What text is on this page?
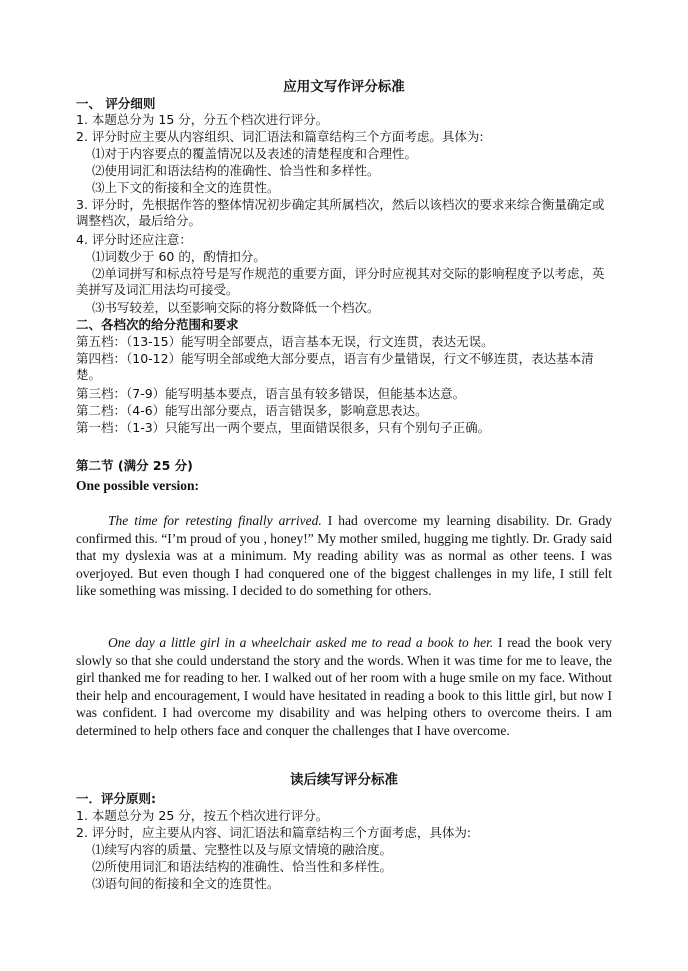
应用文写作评分标准
一、 评分细则
1. 本题总分为 15 分，分五个档次进行评分。
2. 评分时应主要从内容组织、词汇语法和篇章结构三个方面考虑。具体为:
⑴对于内容要点的覆盖情况以及表述的清楚程度和合理性。
⑵使用词汇和语法结构的准确性、恰当性和多样性。
⑶上下文的衔接和全文的连贯性。
3. 评分时，先根据作答的整体情况初步确定其所属档次，然后以该档次的要求来综合衡量确定或调整档次，最后给分。
4. 评分时还应注意：
⑴词数少于 60 的，酌情扣分。
⑵单词拼写和标点符号是写作规范的重要方面，评分时应视其对交际的影响程度予以考虑，英美拼写及词汇用法均可接受。
⑶书写较差，以至影响交际的将分数降低一个档次。
二、各档次的给分范围和要求
第五档：（13-15）能写明全部要点，语言基本无误，行文连贯，表达无误。
第四档：（10-12）能写明全部或绝大部分要点，语言有少量错误，行文不够连贯，表达基本清楚。
第三档：（7-9）能写明基本要点，语言虽有较多错误，但能基本达意。
第二档：（4-6）能写出部分要点，语言错误多，影响意思表达。
第一档：（1-3）只能写出一两个要点，里面错误很多，只有个别句子正确。
第二节 (满分 25 分)
One possible version:
The time for retesting finally arrived. I had overcome my learning disability. Dr. Grady confirmed this. “I’m proud of you , honey!” My mother smiled, hugging me tightly. Dr. Grady said that my dyslexia was at a minimum. My reading ability was as normal as other teens. I was overjoyed. But even though I had conquered one of the biggest challenges in my life, I still felt like something was missing. I decided to do something for others.
One day a little girl in a wheelchair asked me to read a book to her. I read the book very slowly so that she could understand the story and the words. When it was time for me to leave, the girl thanked me for reading to her. I walked out of her room with a huge smile on my face. Without their help and encouragement, I would have hesitated in reading a book to this little girl, but now I was confident. I had overcome my disability and was helping others to overcome theirs. I am determined to help others face and conquer the challenges that I have overcome.
读后续写评分标准
一．评分原则:
1. 本题总分为 25 分，按五个档次进行评分。
2. 评分时，应主要从内容、词汇语法和篇章结构三个方面考虑，具体为:
⑴续写内容的质量、完整性以及与原文情境的融洽度。
⑵所使用词汇和语法结构的准确性、恰当性和多样性。
⑶语句间的衔接和全文的连贯性。
